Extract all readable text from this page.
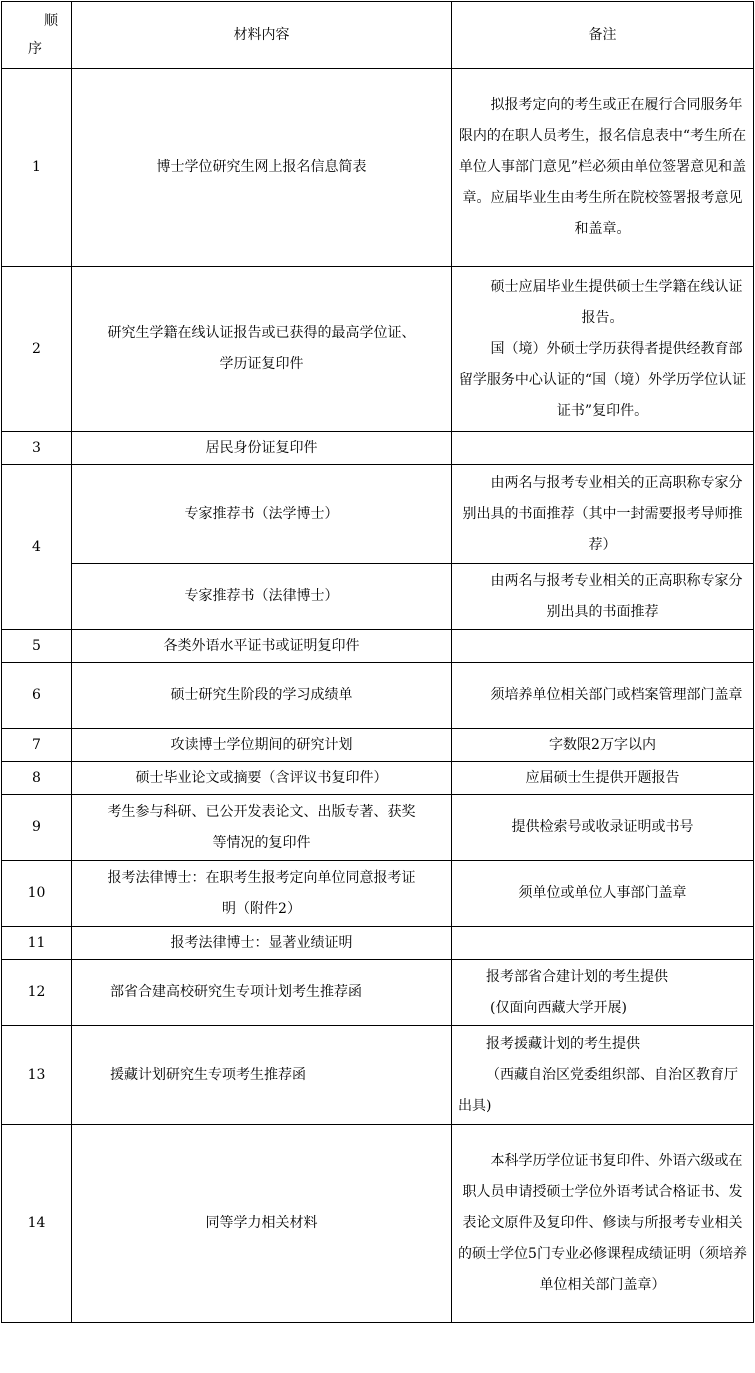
顺
序	材料内容	备注
1	博士学位研究生网上报名信息简表	拟报考定向的考生或正在履行合同服务年限内的在职人员考生，报名信息表中“考生所在单位人事部门意见”栏必须由单位签署意见和盖章。应届毕业生由考生所在院校签署报考意见和盖章。

2	研究生学籍在线认证报告或已获得的最高学位证、学历证复印件	硕士应届毕业生提供硕士生学籍在线认证报告。

国（境）外硕士学历获得者提供经教育部留学服务中心认证的“国（境）外学历学位认证证书”复印件。

3	居民身份证复印件	
4	专家推荐书（法学博士）	由两名与报考专业相关的正高职称专家分别出具的书面推荐（其中一封需要报考导师推荐）

	专家推荐书（法律博士）	由两名与报考专业相关的正高职称专家分别出具的书面推荐

5	各类外语水平证书或证明复印件	
6	硕士研究生阶段的学习成绩单	须培养单位相关部门或档案管理部门盖章

7	攻读博士学位期间的研究计划	字数限2万字以内
8	硕士毕业论文或摘要（含评议书复印件）	应届硕士生提供开题报告
9	考生参与科研、已公开发表论文、出版专著、获奖等情况的复印件	提供检索号或收录证明或书号
10	报考法律博士：在职考生报考定向单位同意报考证明（附件2）	须单位或单位人事部门盖章
11	报考法律博士：显著业绩证明	
12	部省合建高校研究生专项计划考生推荐函	报考部省合建计划的考生提供

(仅面向西藏大学开展)

13	援藏计划研究生专项考生推荐函	报考援藏计划的考生提供

（西藏自治区党委组织部、自治区教育厅出具)

14	同等学力相关材料	本科学历学位证书复印件、外语六级或在职人员申请授硕士学位外语考试合格证书、发表论文原件及复印件、修读与所报考专业相关的硕士学位5门专业必修课程成绩证明（须培养单位相关部门盖章）
